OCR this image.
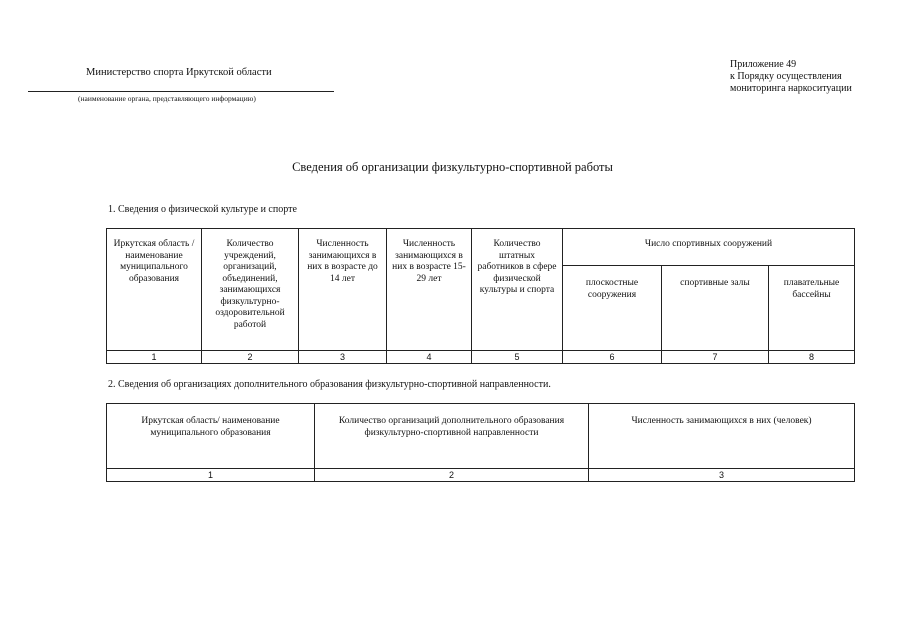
Министерство спорта Иркутской области
(наименование органа, представляющего информацию)
Приложение 49
к Порядку осуществления
мониторинга наркоситуации
Сведения об организации физкультурно-спортивной работы
1. Сведения о физической культуре и спорте
Иркутская область /наименование муниципального образования	Количество учреждений, организаций, объединений, занимающихся физкультурно-оздоровительной работой	Численность занимающихся в них в возрасте до 14 лет	Численность занимающихся в них в возрасте 15-29 лет	Количество штатных работников в сфере физической культуры и спорта	Число спортивных сооружений		
					плоскостные сооружения	спортивные залы	плавательные бассейны
1	2	3	4	5	6	7	8
2. Сведения об организациях дополнительного образования физкультурно-спортивной направленности.
Иркутская область/ наименование муниципального образования	Количество организаций дополнительного образования физкультурно-спортивной направленности	Численность занимающихся в них (человек)
1	2	3
